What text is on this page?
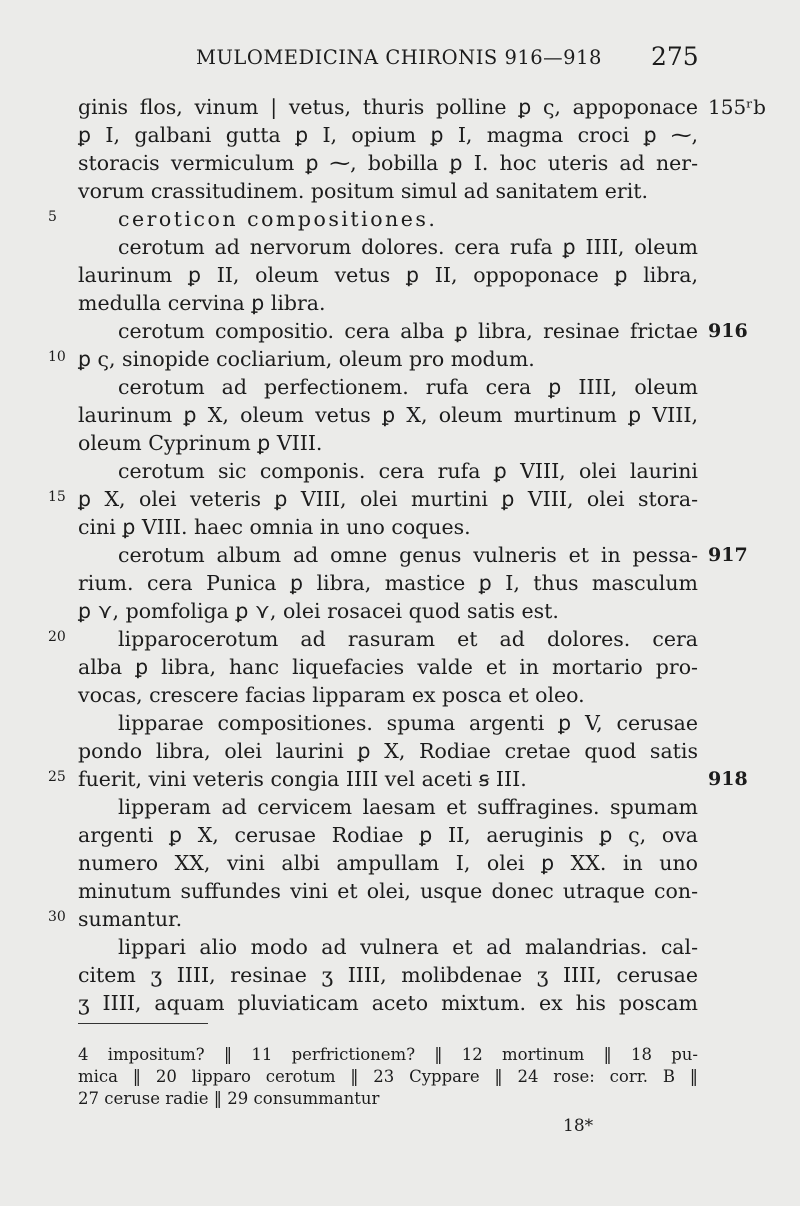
MULOMEDICINA CHIRONIS 916—918 275
5
10
15
20
25
30
155ʳb
916
917
918
ginis flos, vinum | vetus, thuris polline ꝑ ς, appoponace
ꝑ I, galbani gutta ꝑ I, opium ꝑ I, magma croci ꝑ ⁓,
storacis vermiculum ꝑ ⁓, bobilla ꝑ I. hoc uteris ad ner-
vorum crassitudinem. positum simul ad sanitatem erit.
ceroticon compositiones.
cerotum ad nervorum dolores. cera rufa ꝑ IIII, oleum
laurinum ꝑ II, oleum vetus ꝑ II, oppoponace ꝑ libra,
medulla cervina ꝑ libra.
cerotum compositio. cera alba ꝑ libra, resinae frictae
ꝑ ς, sinopide cocliarium, oleum pro modum.
cerotum ad perfectionem. rufa cera ꝑ IIII, oleum
laurinum ꝑ X, oleum vetus ꝑ X, oleum murtinum ꝑ VIII,
oleum Cyprinum ꝑ VIII.
cerotum sic componis. cera rufa ꝑ VIII, olei laurini
ꝑ X, olei veteris ꝑ VIII, olei murtini ꝑ VIII, olei stora-
cini ꝑ VIII. haec omnia in uno coques.
cerotum album ad omne genus vulneris et in pessa-
rium. cera Punica ꝑ libra, mastice ꝑ I, thus masculum
ꝑ ⋎, pomfoliga ꝑ ⋎, olei rosacei quod satis est.
lipparocerotum ad rasuram et ad dolores. cera
alba ꝑ libra, hanc liquefacies valde et in mortario pro-
vocas, crescere facias lipparam ex posca et oleo.
lipparae compositiones. spuma argenti ꝑ V, cerusae
pondo libra, olei laurini ꝑ X, Rodiae cretae quod satis
fuerit, vini veteris congia IIII vel aceti ꞩ III.
lipperam ad cervicem laesam et suffragines. spumam
argenti ꝑ X, cerusae Rodiae ꝑ II, aeruginis ꝑ ς, ova
numero XX, vini albi ampullam I, olei ꝑ XX. in uno
minutum suffundes vini et olei, usque donec utraque con-
sumantur.
lippari alio modo ad vulnera et ad malandrias. cal-
citem ʒ IIII, resinae ʒ IIII, molibdenae ʒ IIII, cerusae
ʒ IIII, aquam pluviaticam aceto mixtum. ex his poscam
4 impositum? ‖ 11 perfrictionem? ‖ 12 mortinum ‖ 18 pu-
mica ‖ 20 lipparo cerotum ‖ 23 Cyppare ‖ 24 rose: corr. B ‖
27 ceruse radie ‖ 29 consummantur
18*
